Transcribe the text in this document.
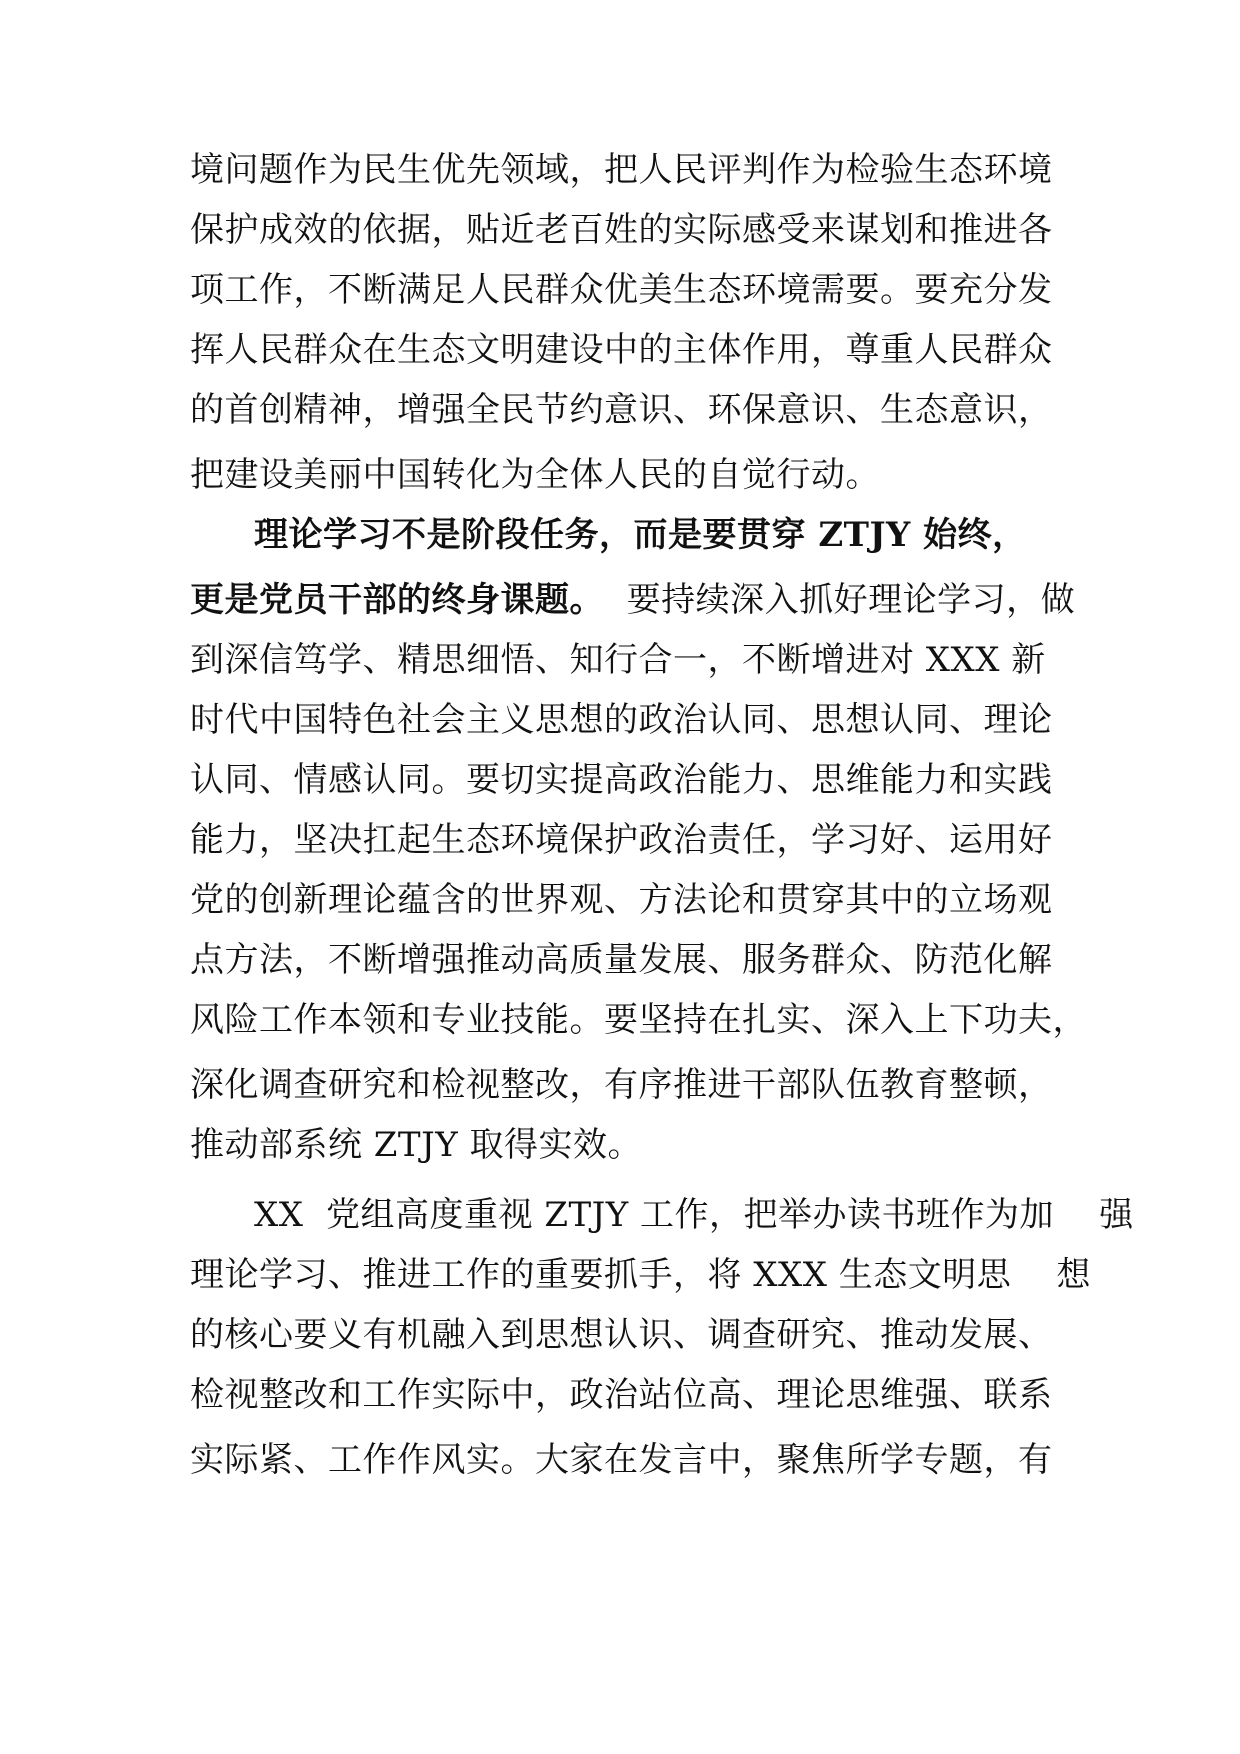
境问题作为民生优先领域，把人民评判作为检验生态环境
保护成效的依据，贴近老百姓的实际感受来谋划和推进各
项工作，不断满足人民群众优美生态环境需要。要充分发
挥人民群众在生态文明建设中的主体作用，尊重人民群众
的首创精神，增强全民节约意识、环保意识、生态意识，
把建设美丽中国转化为全体人民的自觉行动。
理论学习不是阶段任务，而是要贯穿 ZTJY 始终，
更是党员干部的终身课题。  要持续深入抓好理论学习，做
到深信笃学、精思细悟、知行合一，不断增进对 XXX 新
时代中国特色社会主义思想的政治认同、思想认同、理论
认同、情感认同。要切实提高政治能力、思维能力和实践
能力，坚决扛起生态环境保护政治责任，学习好、运用好
党的创新理论蕴含的世界观、方法论和贯穿其中的立场观
点方法，不断增强推动高质量发展、服务群众、防范化解
风险工作本领和专业技能。要坚持在扎实、深入上下功夫，
深化调查研究和检视整改，有序推进干部队伍教育整顿，
推动部系统 ZTJY 取得实效。
XX  党组高度重视 ZTJY 工作，把举办读书班作为加    强
理论学习、推进工作的重要抓手，将 XXX 生态文明思    想
的核心要义有机融入到思想认识、调查研究、推动发展、
检视整改和工作实际中，政治站位高、理论思维强、联系
实际紧、工作作风实。大家在发言中，聚焦所学专题，有
